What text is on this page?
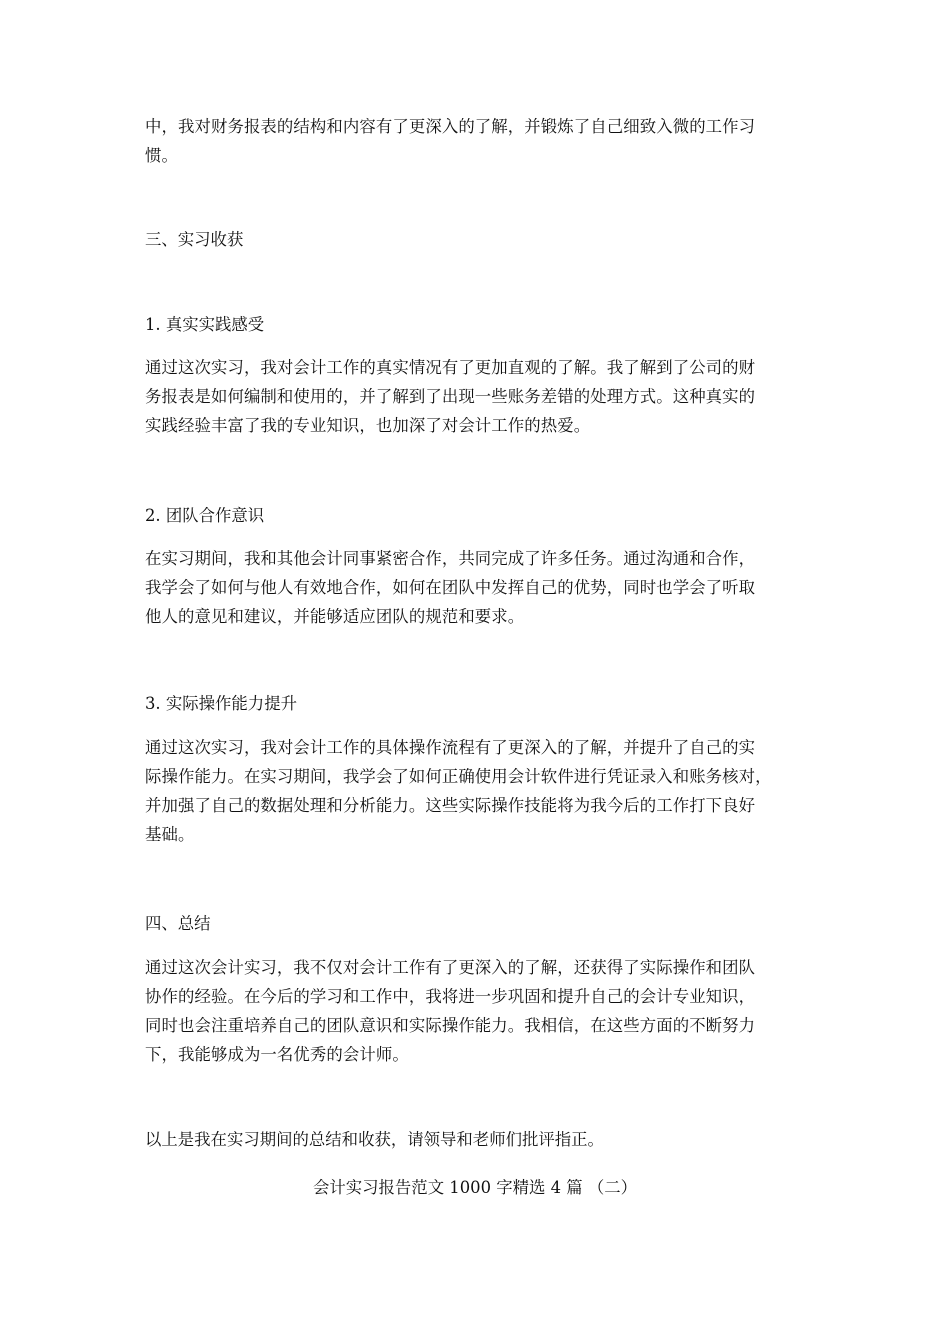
中，我对财务报表的结构和内容有了更深入的了解，并锻炼了自己细致入微的工作习
惯。
三、实习收获
1. 真实实践感受
通过这次实习，我对会计工作的真实情况有了更加直观的了解。我了解到了公司的财
务报表是如何编制和使用的，并了解到了出现一些账务差错的处理方式。这种真实的
实践经验丰富了我的专业知识，也加深了对会计工作的热爱。
2. 团队合作意识
在实习期间，我和其他会计同事紧密合作，共同完成了许多任务。通过沟通和合作，
我学会了如何与他人有效地合作，如何在团队中发挥自己的优势，同时也学会了听取
他人的意见和建议，并能够适应团队的规范和要求。
3. 实际操作能力提升
通过这次实习，我对会计工作的具体操作流程有了更深入的了解，并提升了自己的实
际操作能力。在实习期间，我学会了如何正确使用会计软件进行凭证录入和账务核对，
并加强了自己的数据处理和分析能力。这些实际操作技能将为我今后的工作打下良好
基础。
四、总结
通过这次会计实习，我不仅对会计工作有了更深入的了解，还获得了实际操作和团队
协作的经验。在今后的学习和工作中，我将进一步巩固和提升自己的会计专业知识，
同时也会注重培养自己的团队意识和实际操作能力。我相信，在这些方面的不断努力
下，我能够成为一名优秀的会计师。
以上是我在实习期间的总结和收获，请领导和老师们批评指正。
会计实习报告范文 1000 字精选 4 篇 （二）
